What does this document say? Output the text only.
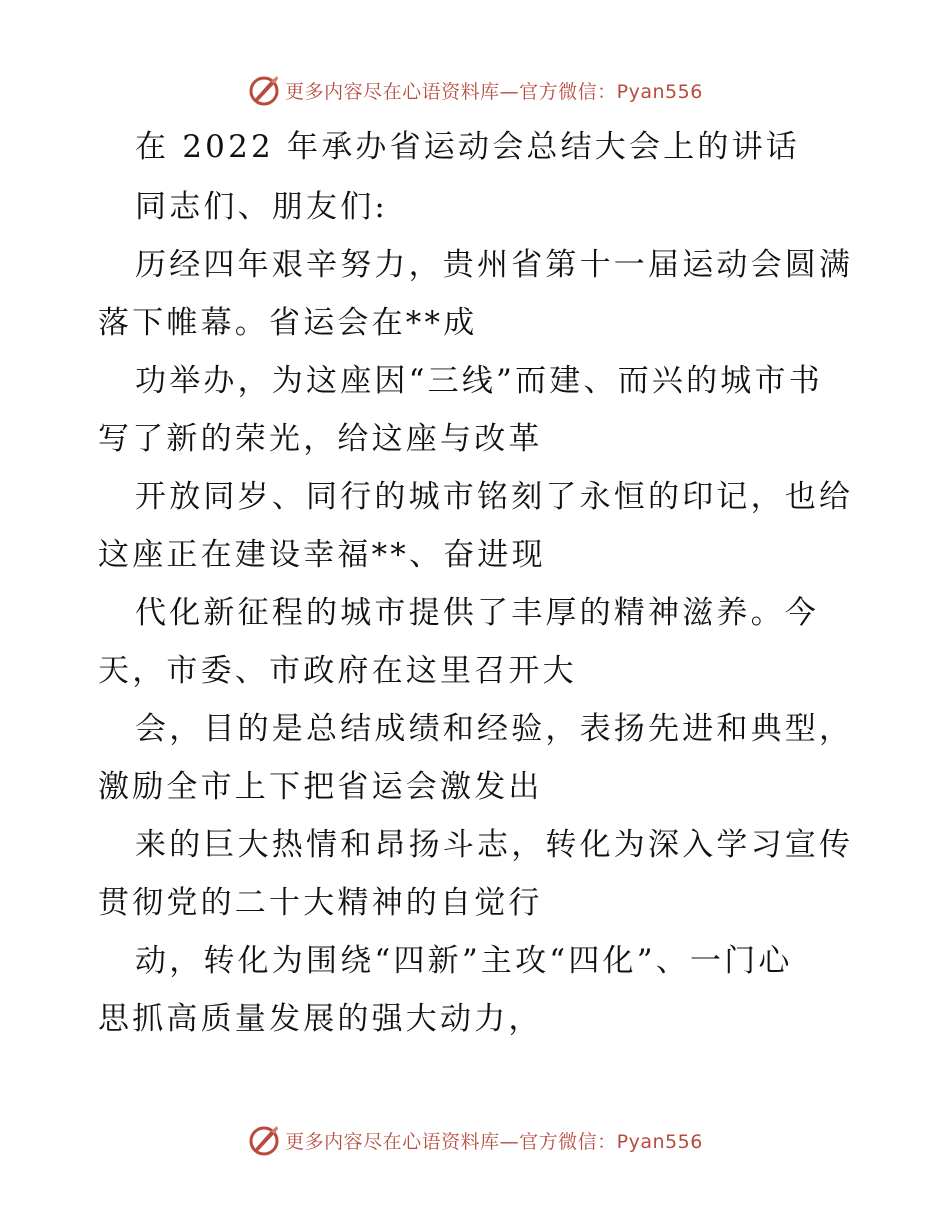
更多内容尽在心语资料库—官方微信：Pyan556
在 2022 年承办省运动会总结大会上的讲话
同志们、朋友们:
历经四年艰辛努力，贵州省第十一届运动会圆满
落下帷幕。省运会在**成
功举办，为这座因“三线”而建、而兴的城市书
写了新的荣光，给这座与改革
开放同岁、同行的城市铭刻了永恒的印记，也给
这座正在建设幸福**、奋进现
代化新征程的城市提供了丰厚的精神滋养。今
天，市委、市政府在这里召开大
会，目的是总结成绩和经验，表扬先进和典型，
激励全市上下把省运会激发出
来的巨大热情和昂扬斗志，转化为深入学习宣传
贯彻党的二十大精神的自觉行
动，转化为围绕“四新”主攻“四化”、一门心
思抓高质量发展的强大动力，
更多内容尽在心语资料库—官方微信：Pyan556
